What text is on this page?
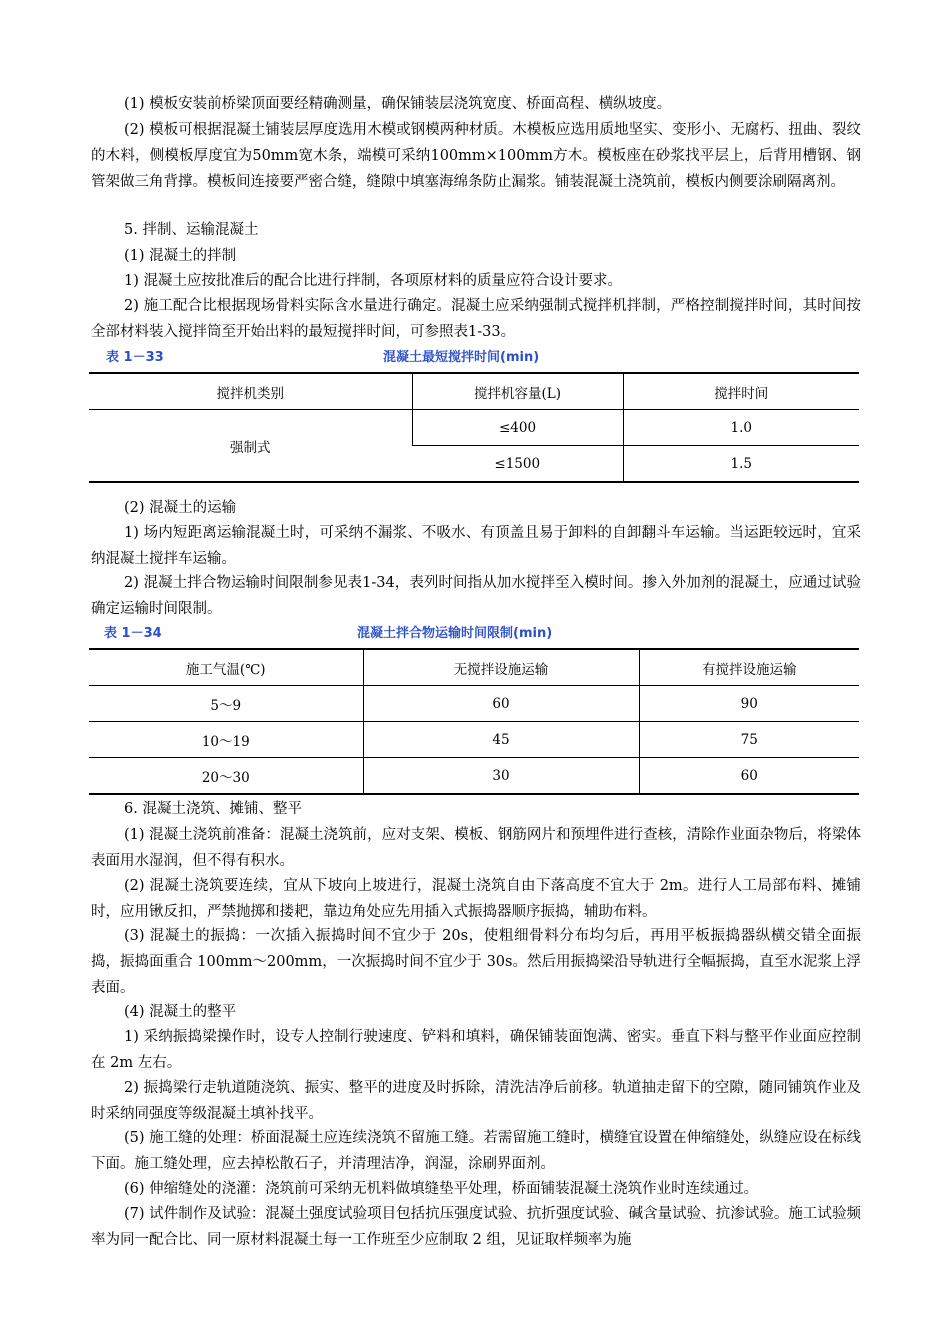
(1) 模板安装前桥梁顶面要经精确测量，确保铺装层浇筑宽度、桥面高程、横纵坡度。

(2) 模板可根据混凝土铺装层厚度选用木模或钢模两种材质。木模板应选用质地坚实、变形小、无腐朽、扭曲、裂纹的木料，侧模板厚度宜为50mm宽木条，端模可采纳100mm×100mm方木。模板座在砂浆找平层上，后背用槽钢、钢管架做三角背撑。模板间连接要严密合缝，缝隙中填塞海绵条防止漏浆。铺装混凝土浇筑前，模板内侧要涂刷隔离剂。

5. 拌制、运输混凝土

(1) 混凝土的拌制

1) 混凝土应按批准后的配合比进行拌制，各项原材料的质量应符合设计要求。

2) 施工配合比根据现场骨料实际含水量进行确定。混凝土应采纳强制式搅拌机拌制，严格控制搅拌时间，其时间按全部材料装入搅拌筒至开始出料的最短搅拌时间，可参照表1-33。

表 1－33	混凝土最短搅拌时间(min)
搅拌机类别	搅拌机容量(L)	搅拌时间
强制式	≤400	1.0
	≤1500	1.5

(2) 混凝土的运输

1) 场内短距离运输混凝土时，可采纳不漏浆、不吸水、有顶盖且易于卸料的自卸翻斗车运输。当运距较远时，宜采纳混凝土搅拌车运输。

2) 混凝土拌合物运输时间限制参见表1-34，表列时间指从加水搅拌至入模时间。掺入外加剂的混凝土，应通过试验确定运输时间限制。

表 1－34	混凝土拌合物运输时间限制(min)
施工气温(℃)	无搅拌设施运输	有搅拌设施运输
5～9	60	90
10～19	45	75
20～30	30	60

6. 混凝土浇筑、摊铺、整平

(1) 混凝土浇筑前准备：混凝土浇筑前，应对支架、模板、钢筋网片和预埋件进行查核，清除作业面杂物后，将梁体表面用水湿润，但不得有积水。

(2) 混凝土浇筑要连续，宜从下坡向上坡进行，混凝土浇筑自由下落高度不宜大于 2m。进行人工局部布料、摊铺时，应用锹反扣，严禁抛掷和搂耙，靠边角处应先用插入式振捣器顺序振捣，辅助布料。

(3) 混凝土的振捣：一次插入振捣时间不宜少于 20s，使粗细骨料分布均匀后，再用平板振捣器纵横交错全面振捣，振捣面重合 100mm～200mm，一次振捣时间不宜少于 30s。然后用振捣梁沿导轨进行全幅振捣，直至水泥浆上浮表面。

(4) 混凝土的整平

1) 采纳振捣梁操作时，设专人控制行驶速度、铲料和填料，确保铺装面饱满、密实。垂直下料与整平作业面应控制在 2m 左右。

2) 振捣梁行走轨道随浇筑、振实、整平的进度及时拆除，清洗洁净后前移。轨道抽走留下的空隙，随同铺筑作业及时采纳同强度等级混凝土填补找平。

(5) 施工缝的处理：桥面混凝土应连续浇筑不留施工缝。若需留施工缝时，横缝宜设置在伸缩缝处，纵缝应设在标线下面。施工缝处理，应去掉松散石子，并清理洁净，润湿，涂刷界面剂。

(6) 伸缩缝处的浇灌：浇筑前可采纳无机料做填缝垫平处理，桥面铺装混凝土浇筑作业时连续通过。

(7) 试件制作及试验：混凝土强度试验项目包括抗压强度试验、抗折强度试验、碱含量试验、抗渗试验。施工试验频率为同一配合比、同一原材料混凝土每一工作班至少应制取 2 组，见证取样频率为施
